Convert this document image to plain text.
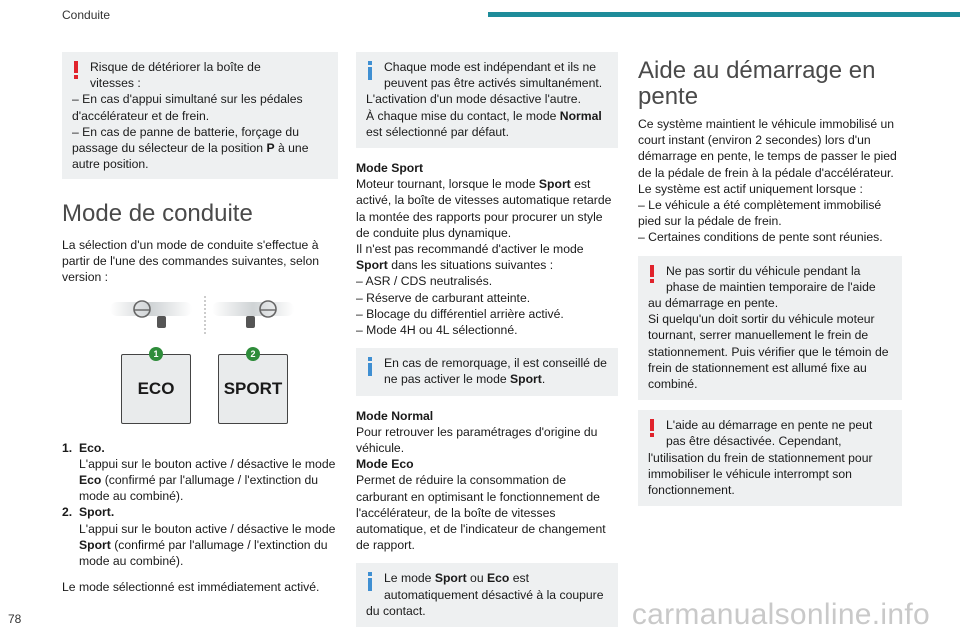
Conduite

Risque de détériorer la boîte de

vitesses :

– En cas d'appui simultané sur les pédales d'accélérateur et de frein.

– En cas de panne de batterie, forçage du passage du sélecteur de la position P à une autre position.

Mode de conduite

La sélection d'un mode de conduite s'effectue à partir de l'une des commandes suivantes, selon version :

ECO	SPORT
1	2
1. Eco.

L'appui sur le bouton active / désactive le mode Eco (confirmé par l'allumage / l'extinction du mode au combiné).

2. Sport.

L'appui sur le bouton active / désactive le mode Sport (confirmé par l'allumage / l'extinction du mode au combiné).

Le mode sélectionné est immédiatement activé.

Chaque mode est indépendant et ils ne

peuvent pas être activés simultanément.

L'activation d'un mode désactive l'autre.

À chaque mise du contact, le mode Normal est sélectionné par défaut.

Mode Sport

Moteur tournant, lorsque le mode Sport est activé, la boîte de vitesses automatique retarde la montée des rapports pour procurer un style de conduite plus dynamique.

Il n'est pas recommandé d'activer le mode Sport dans les situations suivantes :

– ASR / CDS neutralisés.

– Réserve de carburant atteinte.

– Blocage du différentiel arrière activé.

– Mode 4H ou 4L sélectionné.

En cas de remorquage, il est conseillé de

ne pas activer le mode Sport.

Mode Normal

Pour retrouver les paramétrages d'origine du véhicule.

Mode Eco

Permet de réduire la consommation de carburant en optimisant le fonctionnement de l'accélérateur, de la boîte de vitesses automatique, et de l'indicateur de changement de rapport.

Le mode Sport ou Eco est

automatiquement désactivé à la coupure

du contact.

Aide au démarrage en pente

Ce système maintient le véhicule immobilisé un court instant (environ 2 secondes) lors d'un démarrage en pente, le temps de passer le pied de la pédale de frein à la pédale d'accélérateur.

Le système est actif uniquement lorsque :

– Le véhicule a été complètement immobilisé pied sur la pédale de frein.

– Certaines conditions de pente sont réunies.

Ne pas sortir du véhicule pendant la

phase de maintien temporaire de l'aide

au démarrage en pente.

Si quelqu'un doit sortir du véhicule moteur tournant, serrer manuellement le frein de stationnement. Puis vérifier que le témoin de frein de stationnement est allumé fixe au combiné.

L'aide au démarrage en pente ne peut

pas être désactivée. Cependant,

l'utilisation du frein de stationnement pour immobiliser le véhicule interrompt son fonctionnement.

78	carmanualsonline.info
